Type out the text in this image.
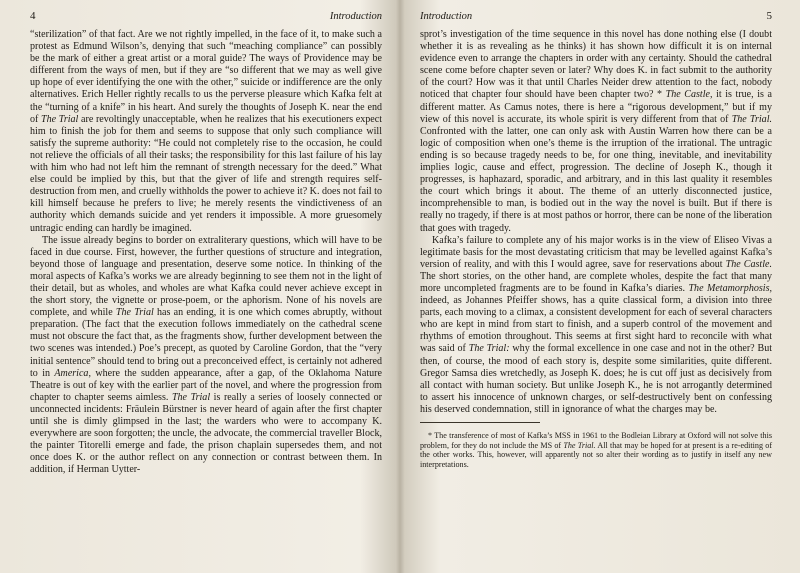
4	Introduction

“sterilization” of that fact. Are we not rightly impelled, in the face of it, to make such a protest as Edmund Wilson’s, denying that such “meaching compliance” can possibly be the mark of either a great artist or a moral guide? The ways of Providence may be different from the ways of men, but if they are “so different that we may as well give up hope of ever identifying the one with the other,” suicide or indifference are the only alternatives. Erich Heller rightly recalls to us the perverse pleasure which Kafka felt at the “turning of a knife” in his heart. And surely the thoughts of Joseph K. near the end of The Trial are revoltingly unacceptable, when he realizes that his executioners expect him to finish the job for them and seems to suppose that only such compliance will satisfy the supreme authority: “He could not completely rise to the occasion, he could not relieve the officials of all their tasks; the responsibility for this last failure of his lay with him who had not left him the remnant of strength necessary for the deed.” What else could be implied by this, but that the giver of life and strength requires self-destruction from men, and cruelly withholds the power to achieve it? K. does not fail to kill himself because he prefers to live; he merely resents the vindictiveness of an authority which demands suicide and yet renders it impossible. A more gruesomely untragic ending can hardly be imagined.

The issue already begins to border on extraliterary questions, which will have to be faced in due course. First, however, the further questions of structure and integration, beyond those of language and presentation, deserve some notice. In thinking of the moral aspects of Kafka’s works we are already beginning to see them not in the light of their detail, but as wholes, and wholes are what Kafka could never achieve except in the short story, the vignette or prose-poem, or the aphorism. None of his novels are complete, and while The Trial has an ending, it is one which comes abruptly, without preparation. (The fact that the execution follows immediately on the cathedral scene must not obscure the fact that, as the fragments show, further development between the two scenes was intended.) Poe’s precept, as quoted by Caroline Gordon, that the “very initial sentence” should tend to bring out a preconceived effect, is certainly not adhered to in America, where the sudden appearance, after a gap, of the Oklahoma Nature Theatre is out of key with the earlier part of the novel, and where the progression from chapter to chapter seems aimless. The Trial is really a series of loosely connected or unconnected incidents: Fräulein Bürstner is never heard of again after the first chapter until she is dimly glimpsed in the last; the warders who were to accompany K. everywhere are soon forgotten; the uncle, the advocate, the commercial traveller Block, the painter Titorelli emerge and fade, the prison chaplain supersedes them, and not once does K. or the author reflect on any connection or contrast between them. In addition, if Herman Uytter-

Introduction	5

sprot’s investigation of the time sequence in this novel has done nothing else (I doubt whether it is as revealing as he thinks) it has shown how difficult it is on internal evidence even to arrange the chapters in order with any certainty. Should the cathedral scene come before chapter seven or later? Why does K. in fact submit to the authority of the court? How was it that until Charles Neider drew attention to the fact, nobody noticed that chapter four should have been chapter two? * The Castle, it is true, is a different matter. As Camus notes, there is here a “rigorous development,” but if my view of this novel is accurate, its whole spirit is very different from that of The Trial. Confronted with the latter, one can only ask with Austin Warren how there can be a logic of composition when one’s theme is the irruption of the irrational. The untragic ending is so because tragedy needs to be, for one thing, inevitable, and inevitability implies logic, cause and effect, progression. The decline of Joseph K., though it progresses, is haphazard, sporadic, and arbitrary, and in this last quality it resembles the court which brings it about. The theme of an utterly disconnected justice, incomprehensible to man, is bodied out in the way the novel is built. But if there is really no tragedy, if there is at most pathos or horror, there can be none of the liberation that goes with tragedy.

Kafka’s failure to complete any of his major works is in the view of Eliseo Vivas a legitimate basis for the most devastating criticism that may be levelled against Kafka’s version of reality, and with this I would agree, save for reservations about The Castle. The short stories, on the other hand, are complete wholes, despite the fact that many more uncompleted fragments are to be found in Kafka’s diaries. The Metamorphosis, indeed, as Johannes Pfeiffer shows, has a quite classical form, a division into three parts, each moving to a climax, a consistent development for each of several characters who are kept in mind from start to finish, and a superb control of the movement and rhythms of emotion throughout. This seems at first sight hard to reconcile with what was said of The Trial: why the formal excellence in one case and not in the other? But then, of course, the mood of each story is, despite some similarities, quite different. Gregor Samsa dies wretchedly, as Joseph K. does; he is cut off just as decisively from all contact with human society. But unlike Joseph K., he is not arrogantly determined to assert his innocence of unknown charges, or self-destructively bent on confessing his deserved condemnation, still in ignorance of what the charges may be.

* The transference of most of Kafka’s MSS in 1961 to the Bodleian Library at Oxford will not solve this problem, for they do not include the MS of The Trial. All that may be hoped for at present is a re-editing of the other works. This, however, will apparently not so alter their wording as to justify in itself any new interpretations.
